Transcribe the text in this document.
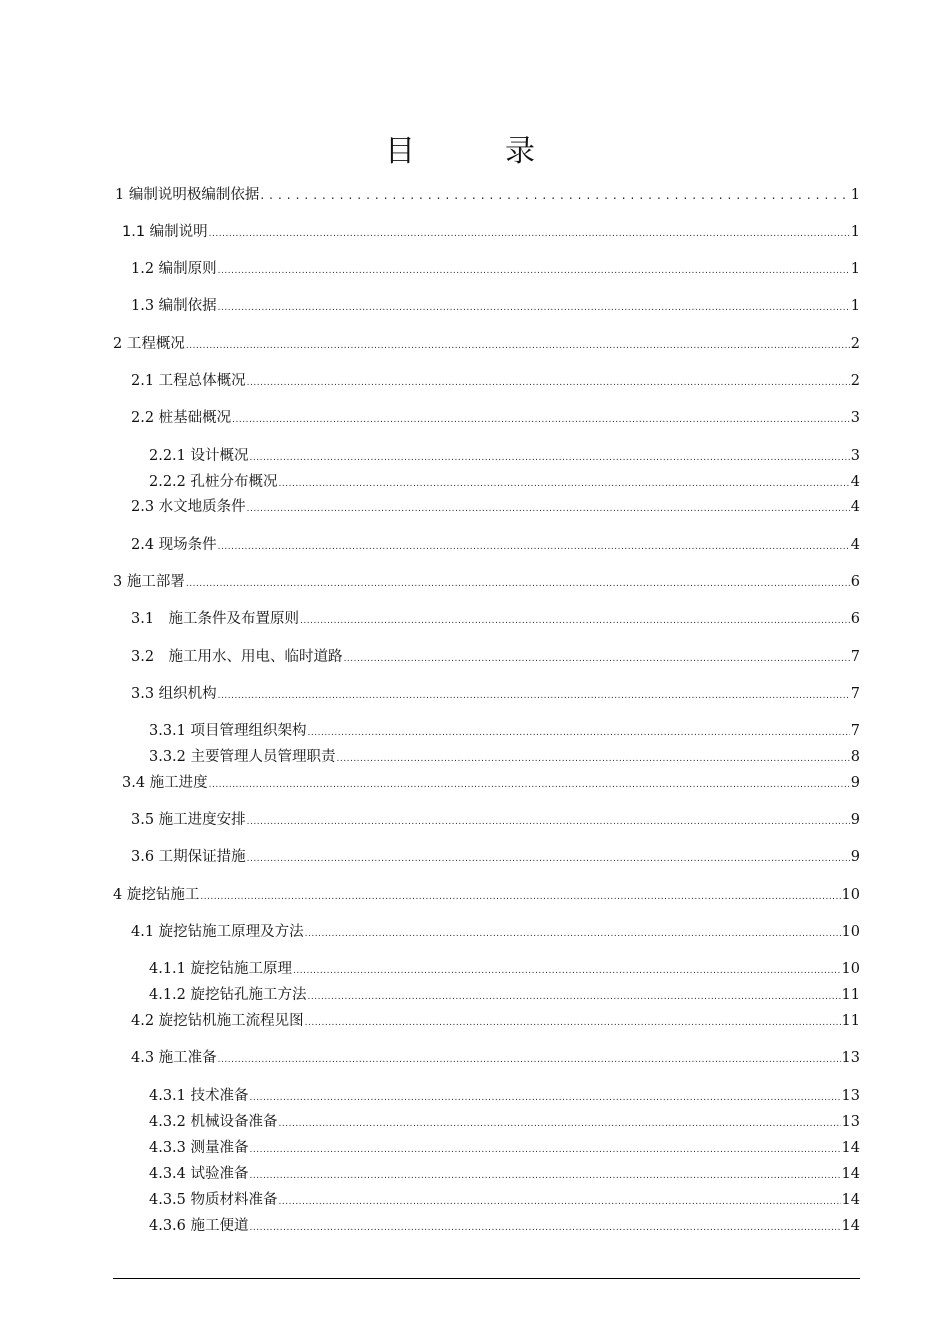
目　录
1 编制说明极编制依据 .....	1
1.1 编制说明 .....	1
1.2 编制原则 .....	1
1.3 编制依据 .....	1
2 工程概况 .....	2
2.1 工程总体概况 .....	2
2.2 桩基础概况 .....	3
2.2.1 设计概况 .....	3
2.2.2 孔桩分布概况 .....	4
2.3 水文地质条件 .....	4
2.4 现场条件 .....	4
3 施工部署 .....	6
3.1　施工条件及布置原则 .....	6
3.2　施工用水、用电、临时道路 .....	7
3.3 组织机构 .....	7
3.3.1 项目管理组织架构 .....	7
3.3.2 主要管理人员管理职责 .....	8
3.4 施工进度 .....	9
3.5 施工进度安排 .....	9
3.6 工期保证措施 .....	9
4 旋挖钻施工 .....	10
4.1 旋挖钻施工原理及方法 .....	10
4.1.1 旋挖钻施工原理 .....	10
4.1.2 旋挖钻孔施工方法 .....	11
4.2 旋挖钻机施工流程见图 .....	11
4.3 施工准备 .....	13
4.3.1 技术准备 .....	13
4.3.2 机械设备准备 .....	13
4.3.3 测量准备 .....	14
4.3.4 试验准备 .....	14
4.3.5 物质材料准备 .....	14
4.3.6 施工便道 .....	14
